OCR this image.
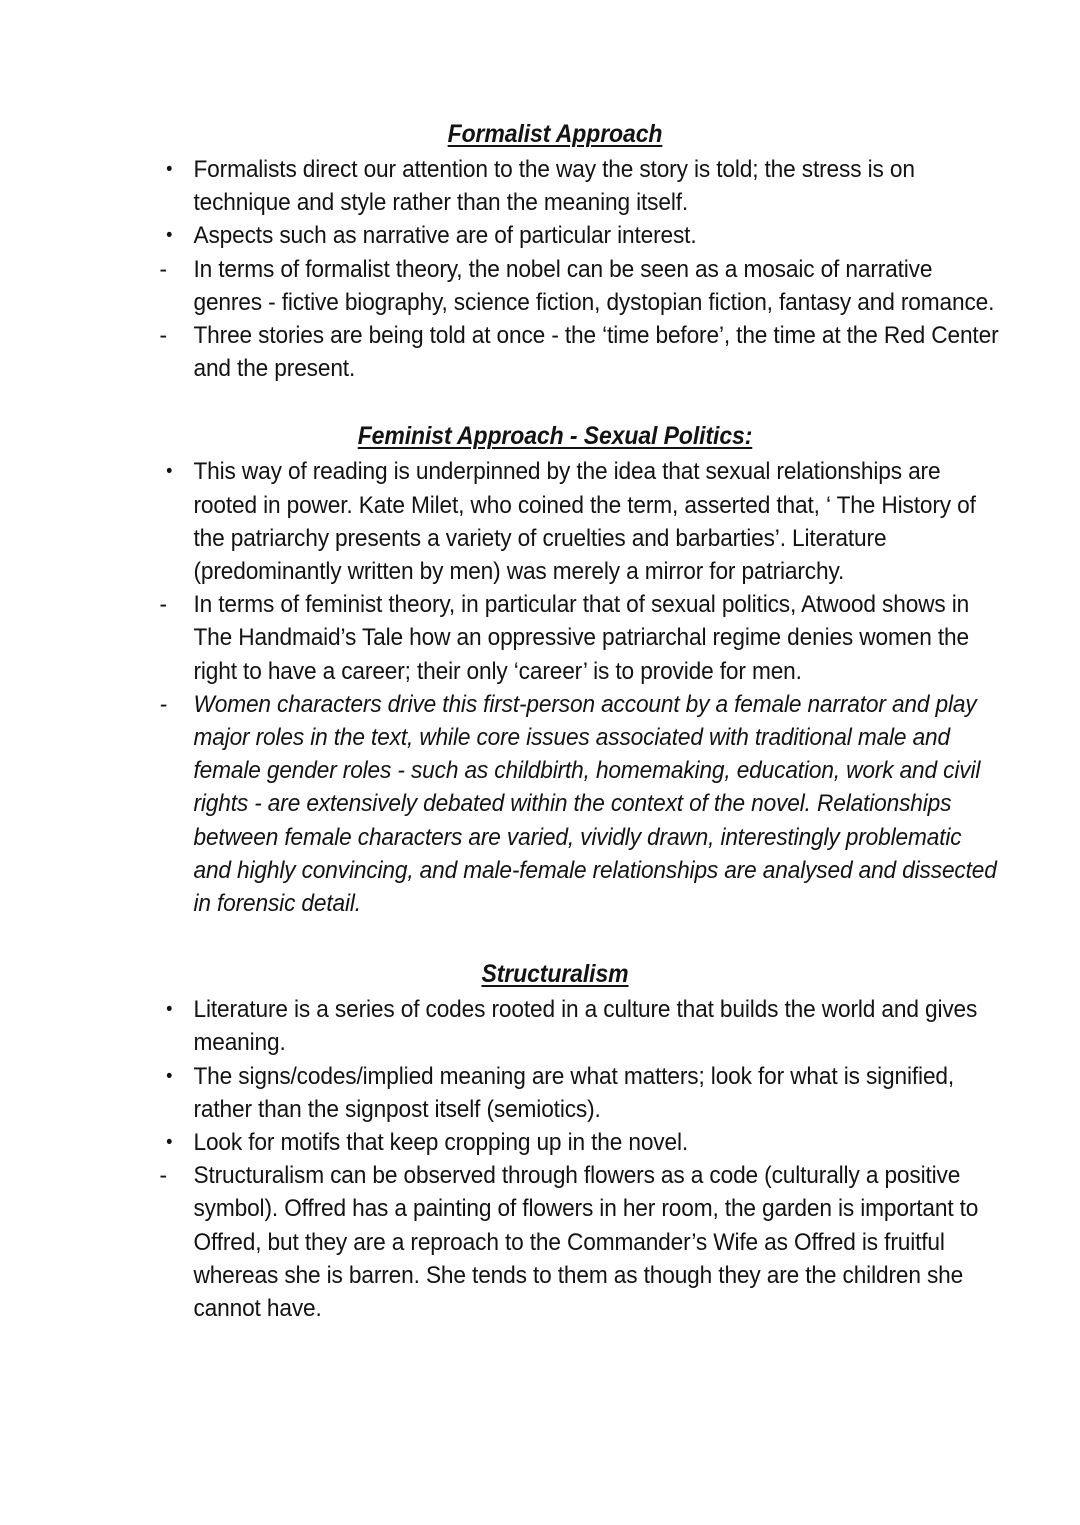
Formalist Approach
• Formalists direct our attention to the way the story is told; the stress is on technique and style rather than the meaning itself.
• Aspects such as narrative are of particular interest.
-	In terms of formalist theory, the nobel can be seen as a mosaic of narrative genres - fictive biography, science fiction, dystopian fiction, fantasy and romance.
-	Three stories are being told at once - the ‘time before’, the time at the Red Center and the present.
Feminist Approach - Sexual Politics:
• This way of reading is underpinned by the idea that sexual relationships are rooted in power. Kate Milet, who coined the term, asserted that, ‘ The History of the patriarchy presents a variety of cruelties and barbarties’. Literature (predominantly written by men) was merely a mirror for patriarchy.
-	In terms of feminist theory, in particular that of sexual politics, Atwood shows in The Handmaid’s Tale how an oppressive patriarchal regime denies women the right to have a career; their only ‘career’ is to provide for men.
-	Women characters drive this first-person account by a female narrator and play major roles in the text, while core issues associated with traditional male and female gender roles - such as childbirth, homemaking, education, work and civil rights - are extensively debated within the context of the novel. Relationships between female characters are varied, vividly drawn, interestingly problematic and highly convincing, and male-female relationships are analysed and dissected in forensic detail.
Structuralism
• Literature is a series of codes rooted in a culture that builds the world and gives meaning.
• The signs/codes/implied meaning are what matters; look for what is signified, rather than the signpost itself (semiotics).
• Look for motifs that keep cropping up in the novel.
-	Structuralism can be observed through flowers as a code (culturally a positive symbol). Offred has a painting of flowers in her room, the garden is important to Offred, but they are a reproach to the Commander’s Wife as Offred is fruitful whereas she is barren. She tends to them as though they are the children she cannot have.
